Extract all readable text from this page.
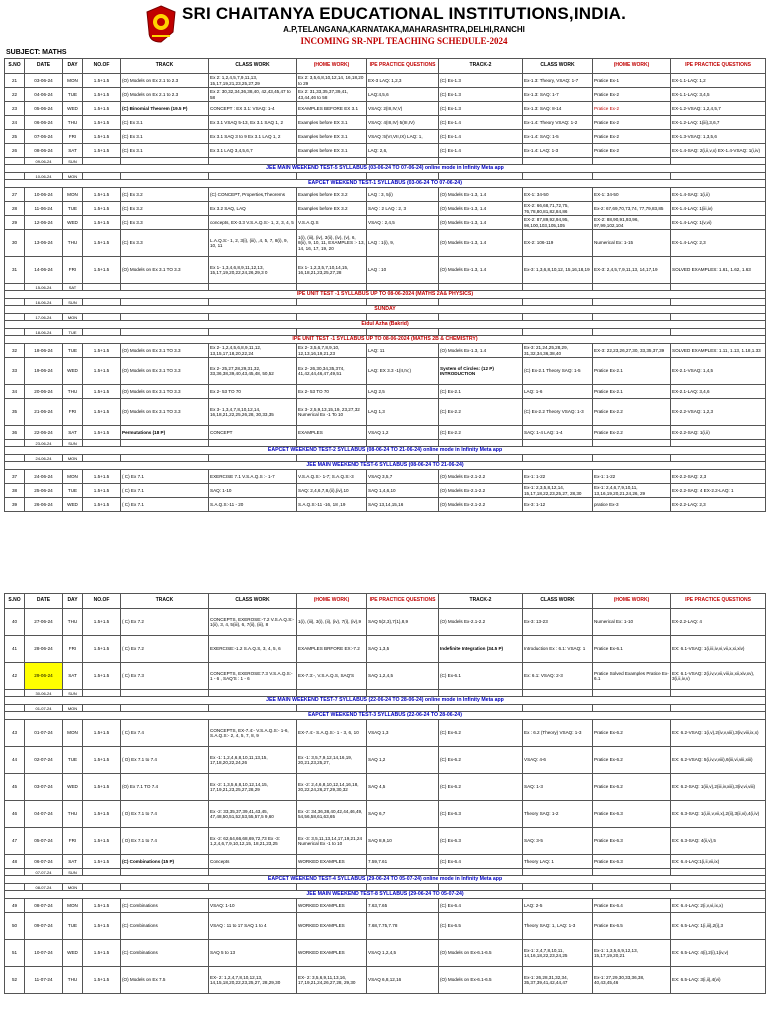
SRI CHAITANYA EDUCATIONAL INSTITUTIONS,INDIA.
A.P,TELANGANA,KARNATAKA,MAHARASHTRA,DELHI,RANCHI
INCOMING SR-NPL TEACHING SCHEDULE-2024
SUBJECT: MATHS
S.NO	DATE	DAY	NO.OF	TRACK	CLASS WORK	(HOME WORK)	IPE PRACTICE QUESTIONS	TRACK-2	CLASS WORK	(HOME WORK)	IPE PRACTICE QUESTIONS
21	03-06-24	MON	1.5+1.5	(O) Models on Ex 2.1 to 2.3	Ex 2: 1,2,4,5,7,9,11,13, 15,17,19,21,23,25,27,29	Ex 2: 3,5,6,8,10,12,14, 16,18,20 to 29	EX-3 LAQ: 1,2,3	(C) Ex-1.3	Ex-1.3: Theory, VSAQ: 1-7	Pratice Ex-1	EX-1.1-LAQ: 1,2
22	04-06-24	TUE	1.5+1.5	(O) Models on Ex 2.1 to 2.3	Ex 2: 30,32,34,36,38,40, 42,43,45,47 to 58	Ex 2: 31,33,35,37,39,41, 43,44,46 to 58	LAQ:4,5,6	(C) Ex-1.3	Ex-1.3: SAQ: 1-7	Pratice Ex-2	EX-1.1-LAQ: 3,4,5
23	05-06-24	WED	1.5+1.5	(C) Binomial Theorem (19.5 P)	CONCEPT : EX 3.1: VSAQ: 1-4	EXAMPLES BEFORE EX 3.1	VSAQ: 2(III,IV,V)	(C) Ex-1.3	Ex-1.3: SAQ: 8-14	Pratice Ex-2	EX-1.2-VSAQ: 1,2,4,5,7
24	06-06-24	THU	1.5+1.5	(C) Ex 3.1	Ex 3.1 VSAQ 5-13, Ex 3.1 SAQ 1, 2	Examples before EX 3.1	VSAQ: 4(III,IV) 5(III,IV)	(C) Ex-1.4	Ex-1.4: Theory VSAQ: 1-2	Pratice Ex-2	EX-1.2-LAQ: 1(iii),3,6,7
25	07-06-24	FRI	1.5+1.5	(C) Ex 3.1	Ex 3.1 SAQ 3 to 9 Ex 3.1 LAQ 1, 2	Examples before EX 3.1	VSAQ :5(VI,VII,IX) LAQ: 1,	(C) Ex-1.4	Ex-1.4: SAQ: 1-5	Pratice Ex-2	EX-1.3-VSAQ: 1,3,5,6
26	08-06-24	SAT	1.5+1.5	(C) Ex 3.1	Ex 3.1 LAQ 3,4,5,6,7	Examples before EX 3.1	LAQ: 2,6,	(C) Ex-1.4	Ex-1.4: LAQ: 1-3	Pratice Ex-2	EX-1.4-SAQ: 2(i,ii,v,x) EX-1.4-VSAQ: 1(i,iv)
	09-06-24	SUN									
JEE MAIN WEEKEND TEST-5 SYLLABUS (03-06-24 TO 07-06-24) online mode in Infinity Meta app											
	10-06-24	MON									
EAPCET WEEKEND TEST-1 SYLLABUS (03-06-24 TO 07-06-24)											
27	10-06-24	MON	1.5+1.5	(C) Ex 3.2	(C) CONCEPT, Properties,Theorems	Examples before EX 3.2	LAQ : 3, 5(i)	(O) Models Ex-1.3, 1.4	EX-1: 34-50	EX-1: 34-50	EX-1.4-SAQ: 1(i,ii)
28	11-06-24	TUE	1.5+1.5	(C) Ex 3.2	Ex 3.2 SAQ, LAQ	Examples before EX 3.2	SAQ : 2 LAQ : 2, 3	(O) Models Ex-1.3, 1.4	EX-2: 66,68,71,72,75, 76,78,80,81,82,84,86	Ex-2: 67,69,70,73,74, 77,79,83,85	EX-1.4-LAQ: 1(iii,iv)
29	12-06-24	WED	1.5+1.5	(C) Ex 3.3	concepts, EX-3.3 V.S.A.Q.S:- 1, 2, 3, 4, 5	V.S.A.Q.S	VSAQ : 2,4,5	(O) Models Ex-1.3, 1.4	EX-2: 87,89,92,94,95, 98,100,103,105,105	EX-2: 88,90,91,93,96, 97,99,102,104	EX-1.4-LAQ: 1(v,vi)
30	13-06-24	THU	1.5+1.5	(C) Ex 3.3	L.A.Q.S:- 1, 2, 3(i), (iii), ,4, 5, 7, 8(i), 9, 10, 11	1(i), (iii), (iv), 3(ii), (iv), (v), 6, 8(ii), 9, 10, 11, EXAMPLES :- 13, 14, 16, 17, 19, 20	LAQ : 1(i), 9,	(O) Models Ex-1.3, 1.4	EX-2: 106-119	Numerical Ex: 1-15	EX-1.4-LAQ: 2,3
31	14-06-24	FRI	1.5+1.5	(O) Models on Ex 3.1 TO 3.3	Ex 1- 1,3,4,6,8,9,11,12,13, 15,17,19,20,22,24,26,29,3 0	Ex 1- 1,2,3,5,7,10,14,15, 16,18,21,23,25,27,28	LAQ : 10	(O) Models Ex-1.3, 1.4	Ex-3: 1,3,6,8,10,12, 15,16,18,19	EX-3: 2,4,5,7,9,11,13, 14,17,19	SOLVED EXAMPLES: 1.61, 1.62, 1.63
	15-06-24	SAT									
IPE UNIT TEST -1 SYLLABUS UP TO 08-06-2024 (MATHS 2A& PHYSICS)											
	16-06-24	SUN									
SUNDAY											
	17-06-24	MON									
Eidul Azha (Bakrid)											
	18-06-24	TUE									
IPE UNIT TEST -1 SYLLABUS UP TO 08-06-2024 (MATHS 2B & CHEMISTRY)											
32	18-06-24	TUE	1.5+1.5	(O) Models on Ex 3.1 TO 3.3	Ex 2- 1,2,4,5,6,8,9,11,12, 13,15,17,18,20,22,24	Ex 2- 3,5,6,7,8,9,10, 12,13,16,19,21,23	LAQ: 11	(O) Models Ex-1.3, 1.4	Ex-3: 21,24,25,28,29, 31,32,34,36,38,40	EX-3: 22,23,26,27,30, 33,35,37,39	SOLVED EXAMPLES: 1.11, 1.13, 1.18,1.33
33	19-06-24	WED	1.5+1.5	(O) Models on Ex 3.1 TO 3.3	Ex 2- 25,27,28,29,31,32, 33,36,38,39,40,43,45,48, 50,52	Ex 2- 26,30,34,35,374, 41,42,44,46,47,49,51	LAQ: EX 3.3 -1(II,IV,)	System of Circles: (12 P) INTRODUCTION	(C) Ex-2.1 Theory SAQ: 1-5	Pratice Ex-2.1	EX-2.1-VSAQ: 1,4,5
34	20-06-24	THU	1.5+1.5	(O) Models on Ex 3.1 TO 3.3	Ex 2- 53 TO 70	Ex 2- 53 TO 70	LAQ 2,5	(C) Ex-2.1	LAQ: 1-6	Pratice Ex-2.1	EX-2.1-LAQ: 3,4,6
35	21-06-24	FRI	1.5+1.5	(O) Models on Ex 3.1 TO 3.3	Ex 3- 1,3,4,7,8,10,12,14, 16,18,21,22,25,26,28, 30,33,35	Ex 3- 2,5,9,13,15,19, 23,27,32 Numerical Ex -1 To 10	LAQ 1,3	(C) Ex-2.2	(C) Ex-2.2 Theory VSAQ: 1-3	Pratice Ex-2.2	EX-2.2-VSAQ: 1,2,3
36	22-06-24	SAT	1.5+1.5	Permutations (18 P)	CONCEPT	EXAMPLES	VSAQ 1,2	(C) Ex-2.2	SAQ: 1-4 LAQ: 1-4	Pratice Ex-2.2	EX-2.2-SAQ: 1(i,ii)
	23-06-24	SUN									
EAPCET WEEKEND TEST-2 SYLLABUS (08-06-24 TO 21-06-24) online mode in Infinity Meta app											
	24-06-24	MON									
JEE MAIN WEEKEND TEST-6 SYLLABUS (08-06-24 TO 21-06-24)											
37	24-06-24	MON	1.5+1.5	( C) Ex 7.1	EXERCISE 7.1 V.S.A.Q.S :- 1-7	V.S.A.Q.S:- 1-7; S.A.Q.S:-3	VSAQ 3,5,7	(O) Models Ex-2.1-2.2	Ex-1: 1-22	Ex-1: 1-22	EX-2.2-SAQ: 2,3
38	25-06-24	TUE	1.5+1.5	( C) Ex 7.1	SAQ: 1-10	SAQ: 2,4,6,7,8,(ii),(iv),10	SAQ 1,4,6,10	(O) Models Ex-2.1-2.2	Ex-1: 2,3,5,8,12,14, 15,17,18,22,23,25,27, 28,30	Ex-1: 2,4,6,7,9,10,11, 13,16,19,20,21,24,26, 29	EX-2.2-SAQ: 4 EX-2.2-LAQ: 1
39	26-06-24	WED	1.5+1.5	( C) Ex 7.1	S.A.Q.S:-11 - 20	S.A.Q.S:-11 -16, 18 ,19	SAQ 13,14,15,16	(O) Models Ex-2.1-2.2	Ex-3: 1-12	pratice Ex-3	EX-2.2-LAQ: 2,3
S.NO	DATE	DAY	NO.OF	TRACK	CLASS WORK	(HOME WORK)	IPE PRACTICE QUESTIONS	TRACK-2	CLASS WORK	(HOME WORK)	IPE PRACTICE QUESTIONS
40	27-06-24	THU	1.5+1.5	( C) Ex 7.2	CONCEPTS, EXEROSE:-7.2 V.S.A.Q.S:- 1(ii), 3, 4, 5(iii), 6, 7(ii), (iii), 8	1(i), (iii), 3(i), (ii), (iv), 7(i), (iv),9	SAQ 5(2,3),7(1),8,9	(O) Models Ex-2.1-2.2	Ex-3: 13-23	Numerical Ex: 1-10	EX-2.2-LAQ: 4
41	28-06-24	FRI	1.5+1.5	( C) Ex 7.2	EXERCISE:-1.2 S.A.Q.S, 3, 4, 5, 6	EXAMPLES BRFORE EX:-7.2	SAQ 1,3,5	Indefinite Integration (34.5 P)	Introduction Ex : 6.1: VSAQ: 1	Pratice Ex-6.1	EX: 6.1-VSAQ: 1(i,iii,iv,vi,vii,x,xi,xiv)
42	29-06-24	SAT	1.5+1.5	( C) Ex 7.3	CONCEPTS, EXEROSE:7.3 V.S.A.Q.S:- 1 - 6 , SAQ'S : 1 - 6	EX-7.3:-, V.S.A.Q.S, SAQ'S	SAQ 1,2,4,5	(C) Ex-6.1	Ex: 6.1: VSAQ: 2-3	Pratice Solved Examples Pratice Ex-6.1	EX: 6.1-VSAQ: 2(i,iv,v,vii,viii,ix,xii,xiv,xv), 3(i,ii,iv,v)
	30-06-24	SUN									
JEE MAIN WEEKEND TEST-7 SYLLABUS (22-06-24 TO 28-06-24) online mode in Infinity Meta app											
	01-07-24	MON									
EAPCET WEEKEND TEST-3 SYLLABUS (22-06-24 TO 28-06-24)											
43	01-07-24	MON	1.5+1.5	( C) Ex 7.4	CONCEPTS, EX-7.4:- V.S.A.Q.S:- 1-6, S.A.Q.S:- 2, 4, 5, 7, 8, 9	EX-7.4:- S.A.Q.S:- 1 - 3, 6, 10	VSAQ 1,3	(C) Ex-6.2	Ex : 6.2 (Theory) VSAQ: 1-3	Pratice Ex-6.2	EX: 6.2-VSAQ: 1(i,v),2(iv,v,viii),3(iv,viii,ix,x)
44	02-07-24	TUE	1.5+1.5	( O) Ex 7.1 to 7.4	Ex -1: 1,2,4,6,8,10,11,13,15, 17,18,20,22,24,26	Ex -1: 3,5,7,9,12,14,16,19, 20,21,23,25,27,	SAQ 1,2	(C) Ex-6.2	VSAQ: 4-6	Pratice Ex-6.2	EX: 6.2-VSAQ: 5(i,iv,v,viii),6(iii,vi,viii,xiii)
45	03-07-24	WED	1.5+1.5	(O) Ex 7.1 TO 7.4	Ex -2: 1,3,5,6,8,10,12,14,15, 17,19,21,23,25,27,28,29	Ex -2: 2,4,6,8,10,12,14,16,18, 20,22,24,26,27,29,30,32	SAQ 4,5	(C) Ex-6.2	SAQ: 1-3	Pratice Ex-6.2	EX: 6.2-SAQ: 1(iii,v),2(iii,iv,xiii),3(iv,vi,viii)
46	04-07-24	THU	1.5+1.5	( O) Ex 7.1 to 7.4	Ex -2: 33,35,37,39,41,43,45, 47,48,50,51,52,53,55,57,5 9,60	Ex -2: 34,36,38,40,42,44,46,49, 54,56,58,61,63,65	SAQ 6,7	(C) Ex-6.3	Theory SAQ: 1-2	Pratice Ex-6.3	EX: 6.3-SAQ: 1(i,iii,v,vii,x),2(ii),3(ii,vi),4(i,iv)
47	05-07-24	FRI	1.5+1.5	( O) Ex 7.1 to 7.4	Ex -2: 62,64,66,68,69,72,73 Ex -3: 1,2,4,6,7,9,10,12,15, 18,21,23,25	Ex -3: 3,5,11,13,14,17,19,21,24 Numerical Ex -1 to 10	SAQ 8,9,10	(C) Ex-6.3	SAQ: 3-5	Pratice Ex-6.3	EX: 6.3-SAQ: 4(ii,v),5
48	06-07-24	SAT	1.5+1.5	(C) Combinations (15 P)	Concepts	WORKED EXAMPLES	7.59,7.61	(C) Ex-6.4	Theory LAQ: 1	Pratice Ex-6.3	EX: 6.4-LAQ:1(i,ii,vii,ix)
	07-07-24	SUN									
EAPCET WEEKEND TEST-4 SYLLABUS (29-06-24 TO 05-07-24) online mode in Infinity Meta app											
	08-07-24	MON									
JEE MAIN WEEKEND TEST-8 SYLLABUS (29-06-24 TO 05-07-24)											
49	08-07-24	MON	1.5+1.5	(C) Combinations	VSAQ: 1-10	WORKED EXAMPLES	7.63,7.65	(C) Ex-6.4	LAQ: 2-5	Pratice Ex-6.4	EX: 6.4-LAQ: 2(i,v,vi,ix,x)
50	09-07-24	TUE	1.5+1.5	(C) Combinations	VSAQ : 11 to 17 SAQ 1 to 4	WORKED EXAMPLES	7.68,7.75,7.78	(C) Ex-6.5	Theory SAQ: 1, LAQ: 1-3	Pratice Ex-6.5	EX: 6.5-LAQ: 1(i,iii),2(i),3
51	10-07-24	WED	1.5+1.5	(C) Combinations	SAQ 5 to 13	WORKED EXAMPLES	VSAQ 1,2,4,5	(O) Models on Ex-6.1-6.5	Ex-1: 2,4,7,8,10,11, 14,16,18,22,23,24,25	Ex-1: 1,3,5,6,9,12,13, 15,17,19,20,21	EX: 6.5-LAQ: 4(i),2(i),1(iv,v)
52	11-07-24	THU	1.5+1.5	(O) Models on Ex 7.5	EX- 2: 1,2,4,7,8,10,12,13, 14,15,18,20,22,23,25,27, 28,29,30	EX- 2: 3,5,6,9,11,13,16, 17,19,21,24,26,27,28, 29,30	VSAQ 6,8,12,16	(O) Models on Ex-6.1-6.5	Ex-1: 26,28,31,32,34, 35,37,39,41,42,44,47	Ex-1: 27,29,30,33,36,38, 40,43,45,46	EX: 6.5-LAQ: 3(i,ii),4(vi)
